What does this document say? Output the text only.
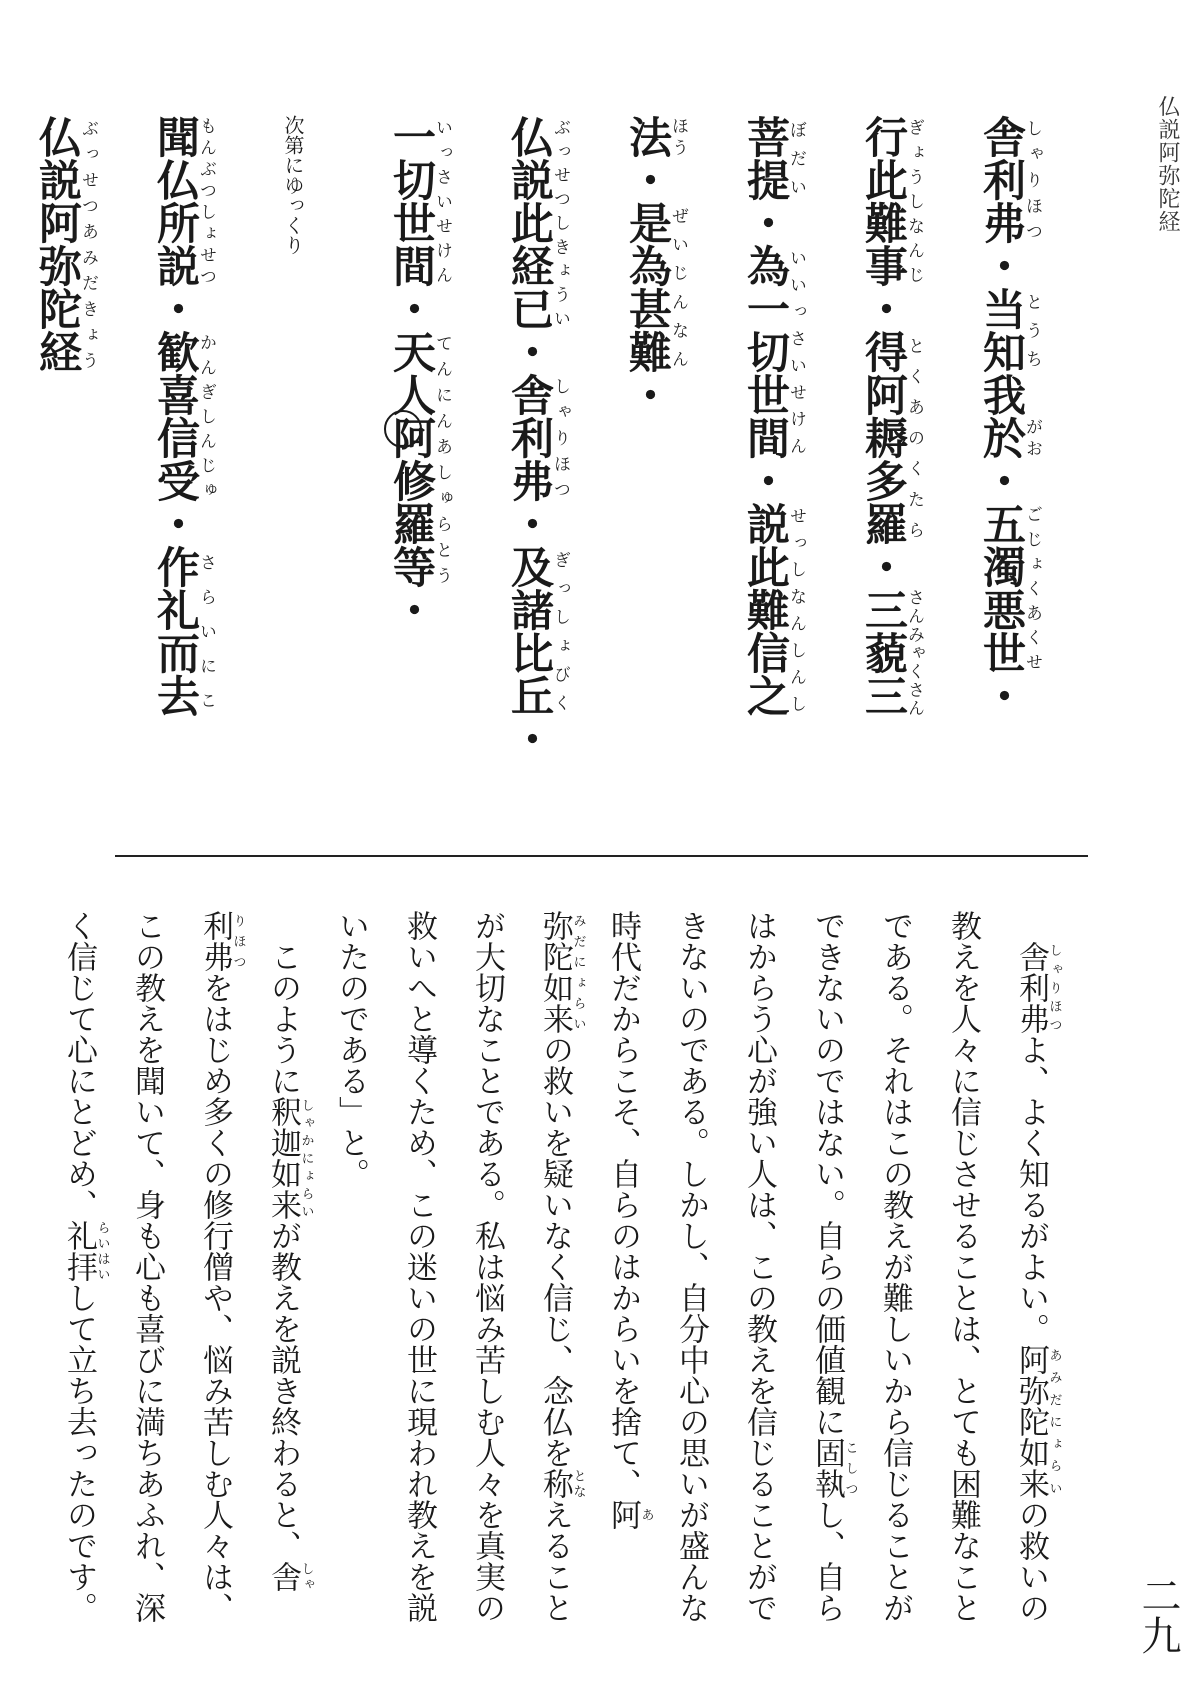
仏説阿弥陀経
舎利弗しゃりほつ・当知とうち我於がお・五濁悪世ごじょくあくせ・
行此難事ぎょうしなんじ・得阿耨多羅とくあのくたら・三藐三さんみゃくさん
菩提ぼだい・為一切世間いいっさいせけん・説此難信之せっしなんしんし
法ほう・是為甚難ぜいじんなん・
仏説此経已ぶっせつしきょうい・舎利弗しゃりほつ・及諸比丘ぎっしょびく・
一切世間いっさいせけん・天人阿修羅等てんにんあしゅらとう・
次第にゆっくり
聞仏所説もんぶつしょせつ・歓喜信受かんぎしんじゅ・作礼而去さらいにこ
仏説阿弥陀経ぶっせつあみだきょう
　舎利弗しゃりほつよ、よく知るがよい。阿弥陀如来あみだにょらいの救いの教えを人々に信じさせることは、とても困難なことである。それはこの教えが難しいから信じることができないのではない。自らの価値観に固執こしつし、自らはからう心が強い人は、この教えを信じることができないのである。しかし、自分中心の思いが盛んな時代だからこそ、自らのはからいを捨て、阿あ弥陀如来みだにょらいの救いを疑いなく信じ、念仏を称となえることが大切なことである。私は悩み苦しむ人々を真実の救いへと導くため、この迷いの世に現われ教えを説いたのである」と。
　このように釈迦如来しゃかにょらいが教えを説き終わると、舎しゃ利弗りほつをはじめ多くの修行僧や、悩み苦しむ人々は、この教えを聞いて、身も心も喜びに満ちあふれ、深く信じて心にとどめ、礼拝らいはいして立ち去ったのです。	二九
